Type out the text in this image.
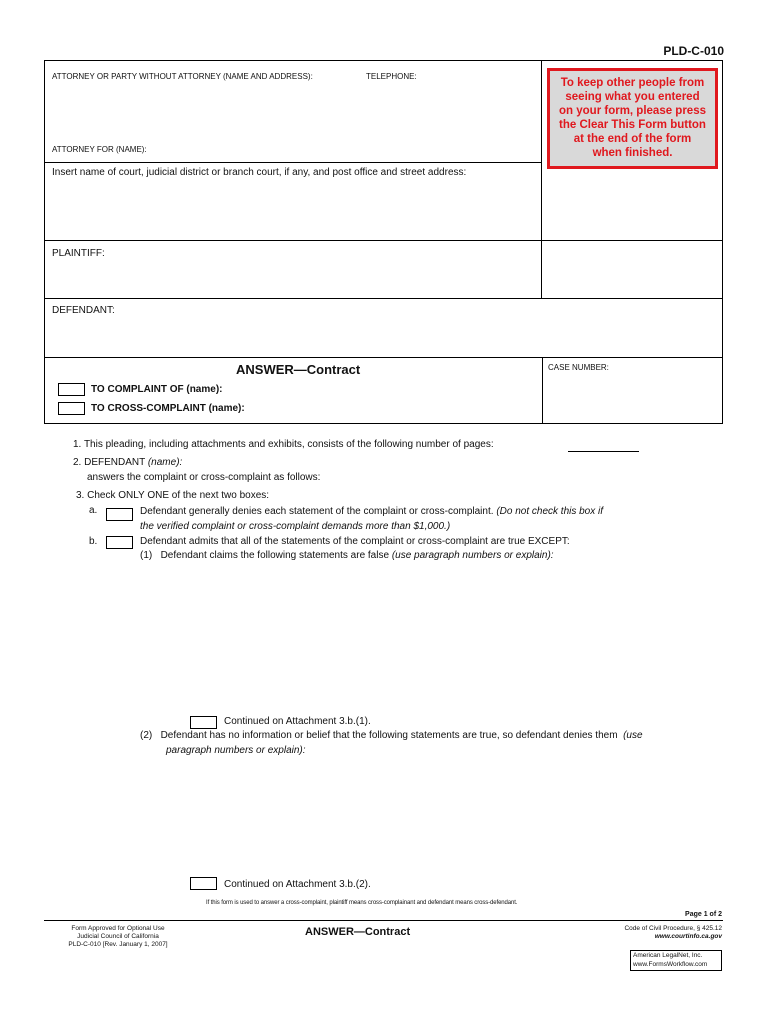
PLD-C-010
ATTORNEY OR PARTY WITHOUT ATTORNEY (NAME AND ADDRESS):	TELEPHONE:
ATTORNEY FOR (NAME):
Insert name of court, judicial district or branch court, if any, and post office and street address:
PLAINTIFF:
DEFENDANT:
CASE NUMBER:
To keep other people from
seeing what you entered
on your form, please press
the Clear This Form button
at the end of the form
when finished.
ANSWER—Contract
TO COMPLAINT OF (name):
TO CROSS-COMPLAINT (name):
1. This pleading, including attachments and exhibits, consists of the following number of pages:
2. DEFENDANT (name):
answers the complaint or cross-complaint as follows:
3. Check ONLY ONE of the next two boxes:
a.	Defendant generally denies each statement of the complaint or cross-complaint. (Do not check this box if
the verified complaint or cross-complaint demands more than $1,000.)
b.	Defendant admits that all of the statements of the complaint or cross-complaint are true EXCEPT:
(1) Defendant claims the following statements are false (use paragraph numbers or explain):
Continued on Attachment 3.b.(1).
(2) Defendant has no information or belief that the following statements are true, so defendant denies them (use
paragraph numbers or explain):
Continued on Attachment 3.b.(2).
If this form is used to answer a cross-complaint, plaintiff means cross-complainant and defendant means cross-defendant.
Page 1 of 2
Form Approved for Optional Use
Judicial Council of California
PLD-C-010 [Rev. January 1, 2007]
ANSWER—Contract	Code of Civil Procedure, § 425.12
www.courtinfo.ca.gov
American LegalNet, Inc.
www.FormsWorkflow.com
